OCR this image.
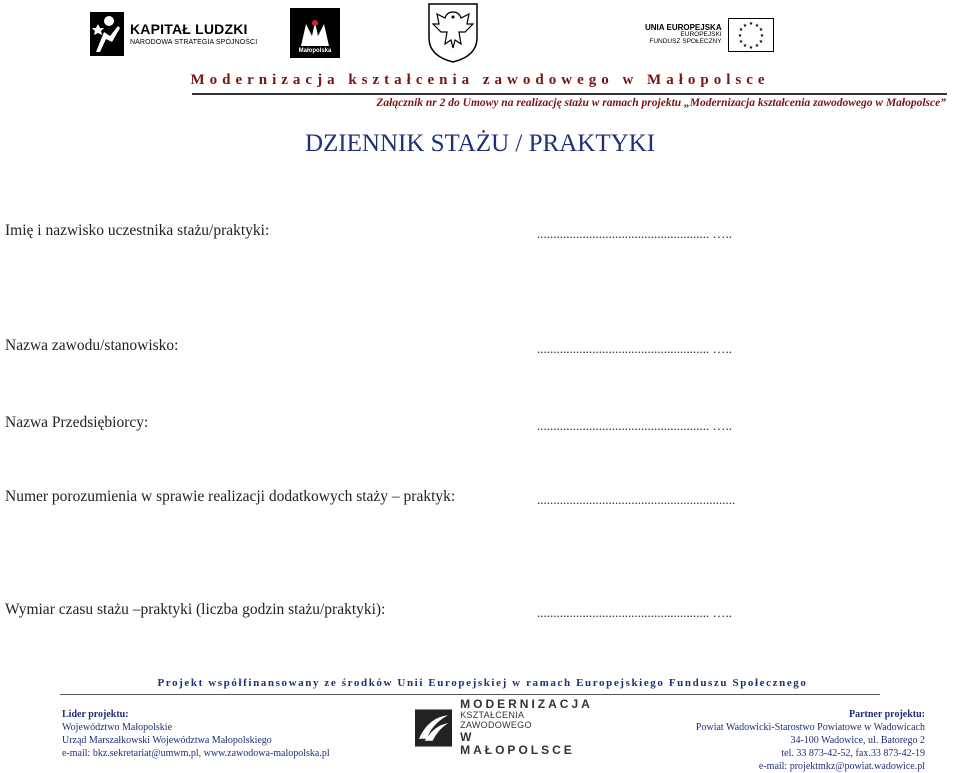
KAPITAŁ LUDZKI
NARODOWA STRATEGIA SPÓJNOŚCI
Małopolska
UNIA EUROPEJSKA
EUROPEJSKI
FUNDUSZ SPOŁECZNY
★ ★
★
★
★
★
★
★
★
★
★
★
Modernizacja kształcenia zawodowego w Małopolsce
Załącznik nr 2 do Umowy na realizację stażu w ramach projektu „Modernizacja kształcenia zawodowego w Małopolsce”
DZIENNIK STAŻU / PRAKTYKI
Imię i nazwisko uczestnika stażu/praktyki:	..................................................... …..
Nazwa zawodu/stanowisko:	..................................................... …..
Nazwa Przedsiębiorcy:	..................................................... …..
Numer porozumienia w sprawie realizacji dodatkowych staży – praktyk:	.............................................................
Wymiar czasu stażu –praktyki (liczba godzin stażu/praktyki):	..................................................... …..
Projekt współfinansowany ze środków Unii Europejskiej w ramach Europejskiego Funduszu Społecznego
Lider projektu:
Województwo Małopolskie
Urząd Marszałkowski Województwa Małopolskiego
e-mail: bkz.sekretariat@umwm.pl, www.zawodowa-malopolska.pl
MODERNIZACJA
KSZTAŁCENIA ZAWODOWEGO
W MAŁOPOLSCE
Partner projektu:
Powiat Wadowicki-Starostwo Powiatowe w Wadowicach
34-100 Wadowice, ul. Batorego 2
tel. 33 873-42-52, fax.33 873-42-19
e-mail: projektmkz@powiat.wadowice.pl
